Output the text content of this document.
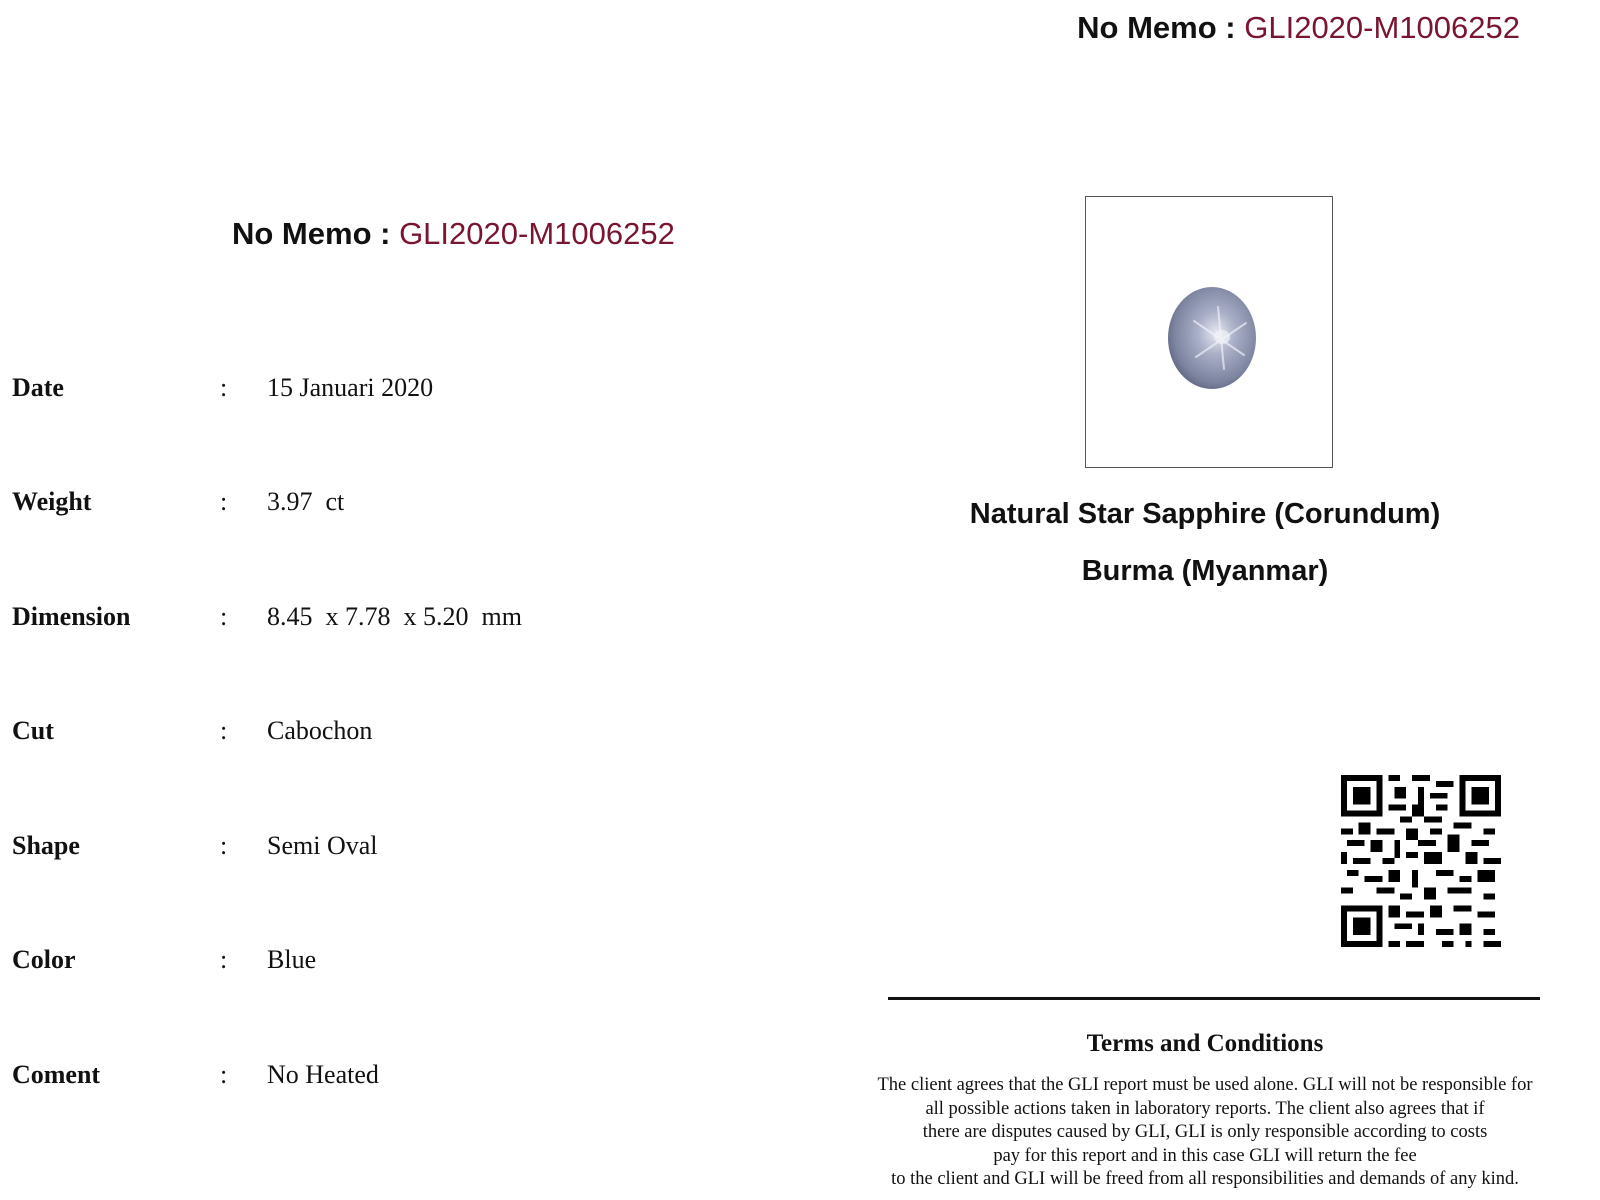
No Memo : GLI2020-M1006252
No Memo : GLI2020-M1006252
Date	: 15 Januari 2020
Weight	: 3.97  ct
Dimension	: 8.45  x 7.78  x 5.20  mm
Cut	: Cabochon
Shape	: Semi Oval
Color	: Blue
Coment	: No Heated
Natural Star Sapphire (Corundum)
Burma (Myanmar)
Terms and Conditions
The client agrees that the GLI report must be used alone. GLI will not be responsible for
all possible actions taken in laboratory reports. The client also agrees that if
there are disputes caused by GLI, GLI is only responsible according to costs
pay for this report and in this case GLI will return the fee
to the client and GLI will be freed from all responsibilities and demands of any kind.
